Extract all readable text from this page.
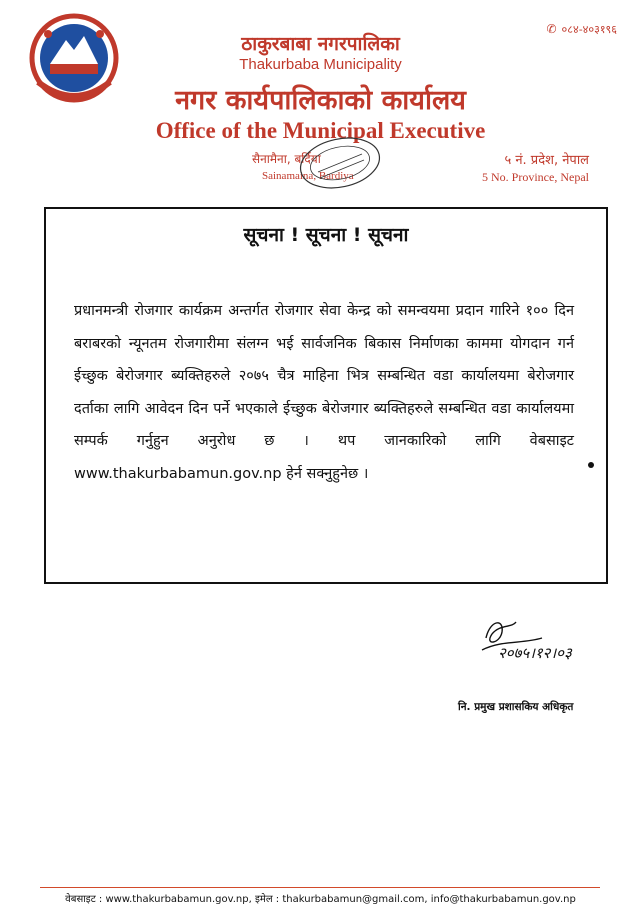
✆ ०८४-४०३१९६
ठाकुरबाबा नगरपालिका
Thakurbaba Municipality
नगर कार्यपालिकाको कार्यालय
Office of the Municipal Executive
सैनामैना, बर्दिया
Sainamaina, Bardiya
५ नं. प्रदेश, नेपाल
5 No. Province, Nepal
सूचना ! सूचना ! सूचना
प्रधानमन्त्री रोजगार कार्यक्रम अन्तर्गत रोजगार सेवा केन्द्र को समन्वयमा प्रदान गारिने १०० दिन बराबरको न्यूनतम रोजगारीमा संलग्न भई सार्वजनिक बिकास निर्माणका काममा योगदान गर्न ईच्छुक बेरोजगार ब्यक्तिहरुले २०७५ चैत्र माहिना भित्र सम्बन्धित वडा कार्यालयमा बेरोजगार दर्ताका लागि आवेदन दिन पर्ने भएकाले ईच्छुक बेरोजगार ब्यक्तिहरुले सम्बन्धित वडा कार्यालयमा सम्पर्क गर्नुहुन अनुरोध छ । थप जानकारिको लागि वेबसाइट www.thakurbabamun.gov.np हेर्न सक्नुहुनेछ ।
२०७५।१२।०३
नि. प्रमुख प्रशासकिय अधिकृत
वेबसाइट : www.thakurbabamun.gov.np, इमेल : thakurbabamun@gmail.com, info@thakurbabamun.gov.np
